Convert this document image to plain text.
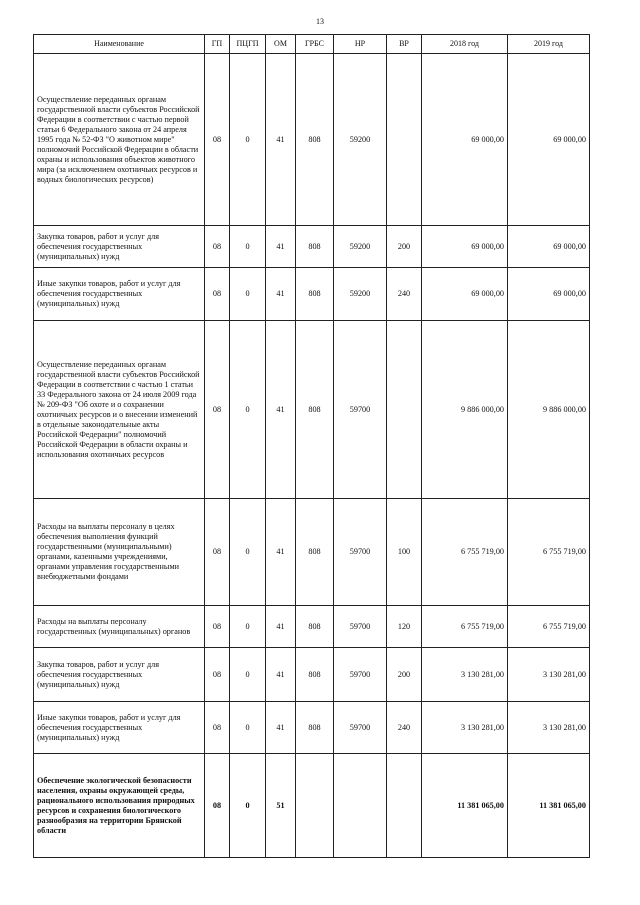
13
Наименование	ГП	ПЦГП	ОМ	ГРБС	НР	ВР	2018 год	2019 год
Осуществление переданных органам государственной власти субъектов Российской Федерации в соответствии с частью первой статьи 6 Федерального закона от 24 апреля 1995 года № 52-ФЗ "О животном мире" полномочий Российской Федерации в области охраны и использования объектов животного мира (за исключением охотничьих ресурсов и водных биологических ресурсов)	08	0	41	808	59200		69 000,00	69 000,00
Закупка товаров, работ и услуг для обеспечения государственных (муниципальных) нужд	08	0	41	808	59200	200	69 000,00	69 000,00
Иные закупки товаров, работ и услуг для обеспечения государственных (муниципальных) нужд	08	0	41	808	59200	240	69 000,00	69 000,00
Осуществление переданных органам государственной власти субъектов Российской Федерации в соответствии с частью 1 статьи 33 Федерального закона от 24 июля 2009 года № 209-ФЗ "Об охоте и о сохранении охотничьих ресурсов и о внесении изменений в отдельные законодательные акты Российской Федерации" полномочий Российской Федерации в области охраны и использования охотничьих ресурсов	08	0	41	808	59700		9 886 000,00	9 886 000,00
Расходы на выплаты персоналу в целях обеспечения выполнения функций государственными (муниципальными) органами, казенными учреждениями, органами управления государственными внебюджетными фондами	08	0	41	808	59700	100	6 755 719,00	6 755 719,00
Расходы на выплаты персоналу государственных (муниципальных) органов	08	0	41	808	59700	120	6 755 719,00	6 755 719,00
Закупка товаров, работ и услуг для обеспечения государственных (муниципальных) нужд	08	0	41	808	59700	200	3 130 281,00	3 130 281,00
Иные закупки товаров, работ и услуг для обеспечения государственных (муниципальных) нужд	08	0	41	808	59700	240	3 130 281,00	3 130 281,00
Обеспечение экологической безопасности населения, охраны окружающей среды, рационального использования природных ресурсов и сохранения биологического разнообразия на территории Брянской области	08	0	51				11 381 065,00	11 381 065,00
